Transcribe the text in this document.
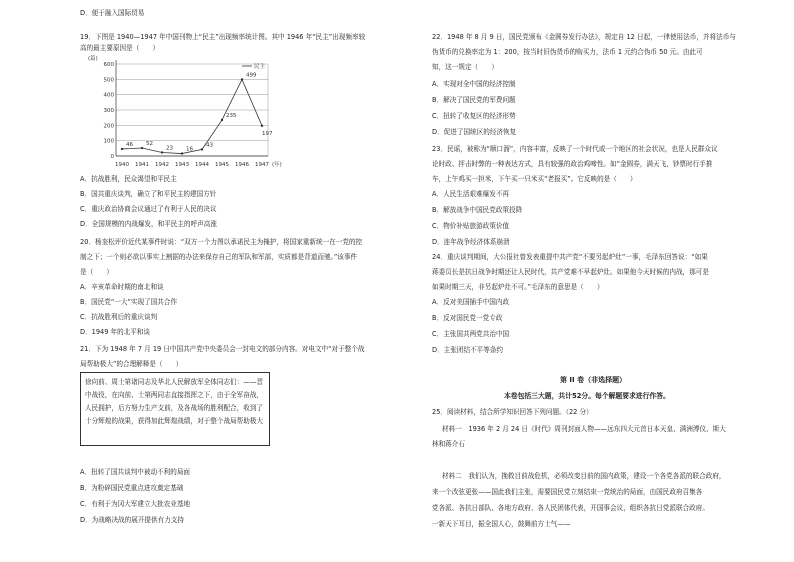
D．便于融入国际贸易
19．下图是 1940—1947 年中国刊物上“民主”出现频率统计图。其中 1946 年“民主”出现频率较
高的最主要原因是（　　）
600
500
400
300
200
100
0
(篇)
(年)
1940 1941 1942 1943 1944 1945 1946 1947
46 52
23 16
43
235
499
197
民主
A．抗战胜利，民众渴望和平民主
B．国共重庆谈判，确立了和平民主的建国方针
C．重庆政治协商会议通过了有利于人民的决议
D．全国规模的内战爆发，和平民主的呼声高涨
20．杨奎松评价近代某事件时说：“双方一个力图以承诺民主为掩护，将国家重新统一在一党的控
制之下；一个则必欲以事实上割据的办法来保存自己的军队和军部，实质都是背道而驰。”该事件
是（　　）
A．辛亥革命时期的南北和谈
B．国民党“一大”实现了国共合作
C．抗战胜利后的重庆谈判
D．1949 年的北平和谈
21．下为 1948 年 7 月 19 日中国共产党中央委员会一封电文的部分内容。对电文中“对于整个战
局帮助极大”的合理解释是（　　）
徐向前、周士第诸同志及华北人民解放军全体同志们：——晋中战役，在向前、士第两同志直接指挥之下，由于全军奋战，人民拥护，后方努力生产支前，及各战场的胜利配合，收到了十分辉煌的战果，获得加此辉煌战绩，对于整个战局帮助极大
A．扭转了国共谈判中被动不利的局面
B．为粉碎国民党重点进攻奠定基础
C．有利于为冈大军建立大批农业基地
D．为战略决战的展开提供有力支持
22．1948 年 8 月 9 日，国民党颁布《金圆券发行办法》，规定自 12 日起，一律使用法币，并将法币与
伪货币的兑换率定为 1：200，按当时旧伪货币的购买力，法币 1 元约合伪币 50 元。由此可
知，这一规定（　　）
A．实现对全中国的经济控制
B．解决了国民党的军费问题
C．扭转了收复区的经济形势
D．促进了国统区的经济恢复
23．民谣，被称为“顺口溜”，内容丰富，反映了一个时代或一个地区的社会状况，也是人民群众议
论时政、抨击时弊的一种表达方式，具有较强的政治鸡啼性。如“金圆券，满天飞，钞票时行手推
车，上午鸡买一担米，下午买一只米买“老报买”。它反映的是（　　）
A．人民生活艰难爆发不再
B．解放战争中国民党政策投降
C．物价补贴旅游政策价值
D．连年战争经济体系崩溃
24．重庆谈判期间，大公报社曾发表重提中共产党“不要另起炉灶”一事，毛泽东回答说：“如果
蒋委员长是抗日战争时期还让人民时代，共产党难不早起炉灶。如果他今天时候的内战，那可是
如果时期三天，非另起炉灶不可。”毛泽东的意思是（　　）
A．反对美国插手中国内政
B．反对国民党一党专政
C．主张国共两党共治中国
D．主张团结不平等条约
第 II 卷（非选择题）
本卷包括三大题，共计52分。每个解题要求进行作答。
25．阅读材料，结合所学知识回答下列问题。（22 分）
材料一　1936 年 2 月 24 日《时代》周刊封面人物——远东四大元首日本天皇、满洲溥仪、斯大
林和蒋介石
材料二　我们认为，挽救目前战危机，必须改变目前的国内政策，建设一个各党各派的联合政府，
来一个改弦更张——国此我们主张，需要国民党立刻结束一党统治的局面，由国民政府召集各
党各派、各抗日部队、各地方政府、各人民团体代表，开国事会议，组织各抗日党派联合政府。
一新天下耳目，振全国人心，鼓舞前方士气——
